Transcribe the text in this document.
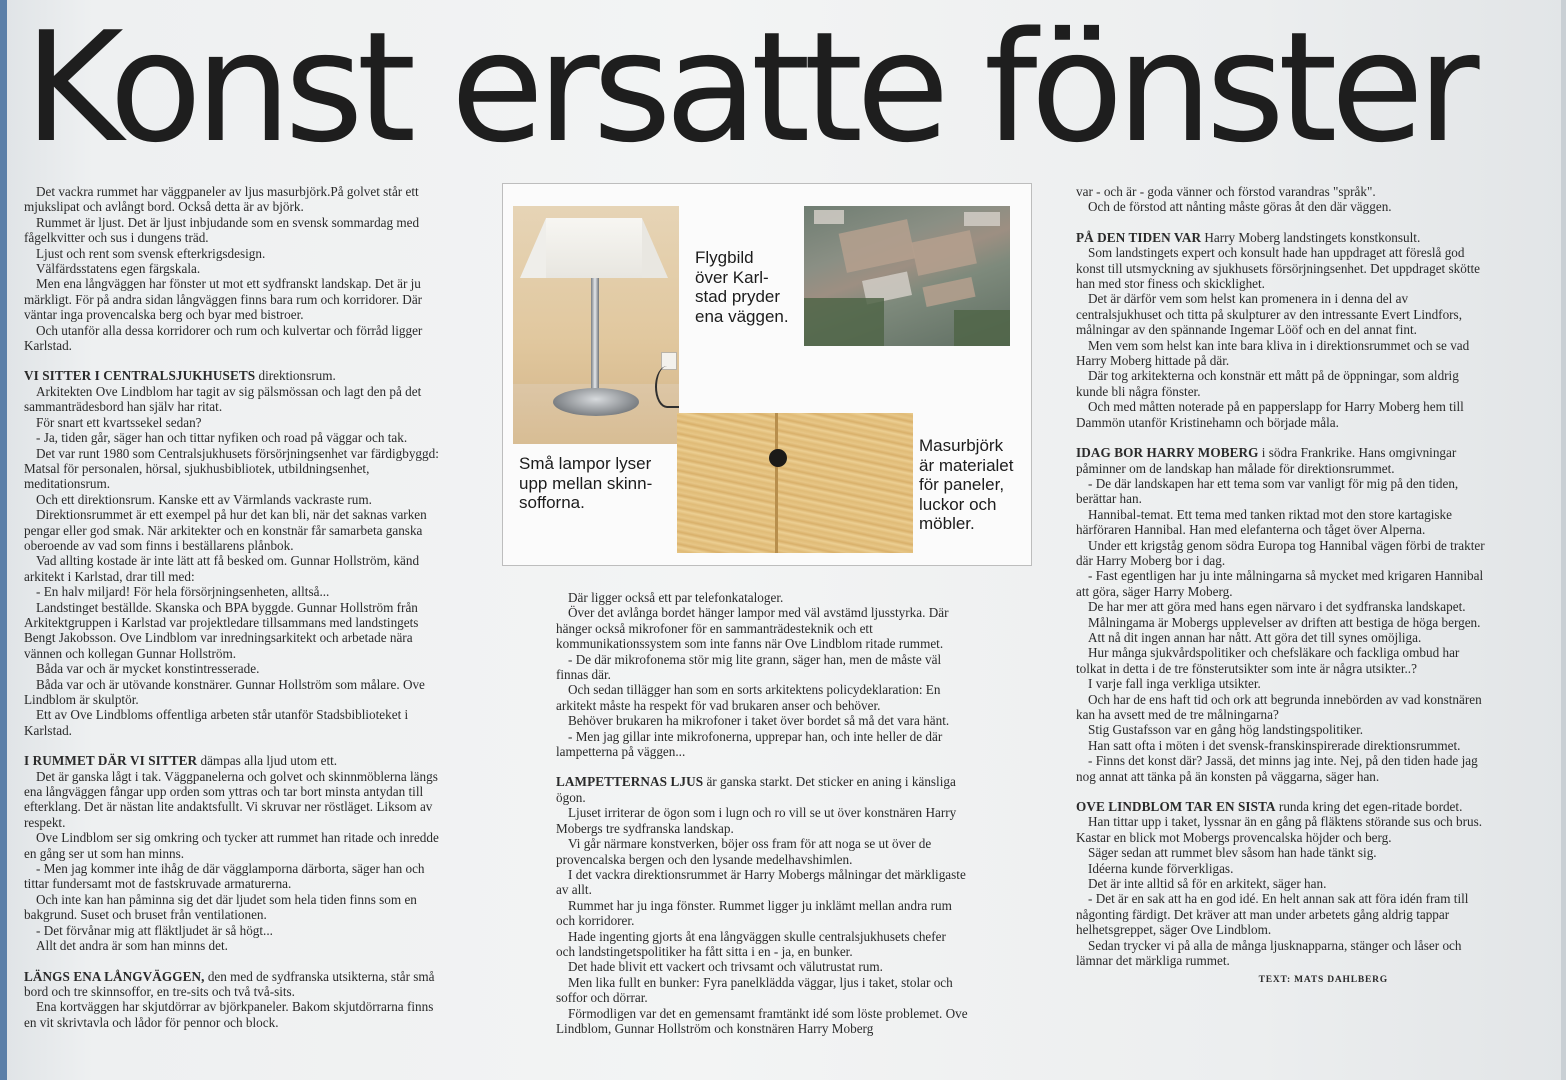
Konst ersatte fönster

Det vackra rummet har väggpaneler av ljus masurbjörk.På golvet står ett mjukslipat och avlångt bord. Också detta är av björk.

Rummet är ljust. Det är ljust inbjudande som en svensk sommardag med fågelkvitter och sus i dungens träd.

Ljust och rent som svensk efterkrigsdesign.

Välfärdsstatens egen färgskala.

Men ena långväggen har fönster ut mot ett sydfranskt landskap. Det är ju märkligt. För på andra sidan långväggen finns bara rum och korridorer. Där väntar inga provencalska berg och byar med bistroer.

Och utanför alla dessa korridorer och rum och kulvertar och förråd ligger Karlstad.

VI SITTER I CENTRALSJUKHUSETS direktionsrum.

Arkitekten Ove Lindblom har tagit av sig pälsmössan och lagt den på det sammanträdesbord han själv har ritat.

För snart ett kvartssekel sedan?

- Ja, tiden går, säger han och tittar nyfiken och road på väggar och tak.

Det var runt 1980 som Centralsjukhusets försörjningsenhet var färdigbyggd: Matsal för personalen, hörsal, sjukhusbibliotek, utbildningsenhet, meditationsrum.

Och ett direktionsrum. Kanske ett av Värmlands vackraste rum.

Direktionsrummet är ett exempel på hur det kan bli, när det saknas varken pengar eller god smak. När arkitekter och en konstnär får samarbeta ganska oberoende av vad som finns i beställarens plånbok.

Vad allting kostade är inte lätt att få besked om. Gunnar Hollström, känd arkitekt i Karlstad, drar till med:

- En halv miljard! För hela försörjningsenheten, alltså...

Landstinget beställde. Skanska och BPA byggde. Gunnar Hollström från Arkitektgruppen i Karlstad var projektledare tillsammans med landstingets Bengt Jakobsson. Ove Lindblom var inredningsarkitekt och arbetade nära vännen och kollegan Gunnar Hollström.

Båda var och är mycket konstintresserade.

Båda var och är utövande konstnärer. Gunnar Hollström som målare. Ove Lindblom är skulptör.

Ett av Ove Lindbloms offentliga arbeten står utanför Stadsbiblioteket i Karlstad.

I RUMMET DÄR VI SITTER dämpas alla ljud utom ett.

Det är ganska lågt i tak. Väggpanelerna och golvet och skinnmöblerna längs ena långväggen fångar upp orden som yttras och tar bort minsta antydan till efterklang. Det är nästan lite andaktsfullt. Vi skruvar ner röstläget. Liksom av respekt.

Ove Lindblom ser sig omkring och tycker att rummet han ritade och inredde en gång ser ut som han minns.

- Men jag kommer inte ihåg de där vägglamporna därborta, säger han och tittar fundersamt mot de fastskruvade armaturerna.

Och inte kan han påminna sig det där ljudet som hela tiden finns som en bakgrund. Suset och bruset från ventilationen.

- Det förvånar mig att fläktljudet är så högt...

Allt det andra är som han minns det.

LÄNGS ENA LÅNGVÄGGEN, den med de sydfranska utsikterna, står små bord och tre skinnsoffor, en tre-sits och två två-sits.

Ena kortväggen har skjutdörrar av björkpaneler. Bakom skjutdörrarna finns en vit skrivtavla och lådor för pennor och block.

Där ligger också ett par telefonkataloger.

Över det avlånga bordet hänger lampor med väl avstämd ljusstyrka. Där hänger också mikrofoner för en sammanträdesteknik och ett kommunikationssystem som inte fanns när Ove Lindblom ritade rummet.

- De där mikrofonema stör mig lite grann, säger han, men de måste väl finnas där.

Och sedan tillägger han som en sorts arkitektens policydeklaration: En arkitekt måste ha respekt för vad brukaren anser och behöver.

Behöver brukaren ha mikrofoner i taket över bordet så må det vara hänt.

- Men jag gillar inte mikrofonerna, upprepar han, och inte heller de där lampetterna på väggen...

LAMPETTERNAS LJUS är ganska starkt. Det sticker en aning i känsliga ögon.

Ljuset irriterar de ögon som i lugn och ro vill se ut över konstnären Harry Mobergs tre sydfranska landskap.

Vi går närmare konstverken, böjer oss fram för att noga se ut över de provencalska bergen och den lysande medelhavshimlen.

I det vackra direktionsrummet är Harry Mobergs målningar det märkligaste av allt.

Rummet har ju inga fönster. Rummet ligger ju inklämt mellan andra rum och korridorer.

Hade ingenting gjorts åt ena långväggen skulle centralsjukhusets chefer och landstingetspolitiker ha fått sitta i en - ja, en bunker.

Det hade blivit ett vackert och trivsamt och välutrustat rum.

Men lika fullt en bunker: Fyra panelklädda väggar, ljus i taket, stolar och soffor och dörrar.

Förmodligen var det en gemensamt framtänkt idé som löste problemet. Ove Lindblom, Gunnar Hollström och konstnären Harry Moberg

var - och är - goda vänner och förstod varandras "språk".

Och de förstod att nånting måste göras åt den där väggen.

PÅ DEN TIDEN VAR Harry Moberg landstingets konstkonsult.

Som landstingets expert och konsult hade han uppdraget att föreslå god konst till utsmyckning av sjukhusets försörjningsenhet. Det uppdraget skötte han med stor finess och skicklighet.

Det är därför vem som helst kan promenera in i denna del av centralsjukhuset och titta på skulpturer av den intressante Evert Lindfors, målningar av den spännande Ingemar Lööf och en del annat fint.

Men vem som helst kan inte bara kliva in i direktionsrummet och se vad Harry Moberg hittade på där.

Där tog arkitekterna och konstnär ett mått på de öppningar, som aldrig kunde bli några fönster.

Och med måtten noterade på en papperslapp for Harry Moberg hem till Dammön utanför Kristinehamn och började måla.

IDAG BOR HARRY MOBERG i södra Frankrike. Hans omgivningar påminner om de landskap han målade för direktionsrummet.

- De där landskapen har ett tema som var vanligt för mig på den tiden, berättar han.

Hannibal-temat. Ett tema med tanken riktad mot den store kartagiske härföraren Hannibal. Han med elefanterna och tåget över Alperna.

Under ett krigståg genom södra Europa tog Hannibal vägen förbi de trakter där Harry Moberg bor i dag.

- Fast egentligen har ju inte målningarna så mycket med krigaren Hannibal att göra, säger Harry Moberg.

De har mer att göra med hans egen närvaro i det sydfranska landskapet.

Målningama är Mobergs upplevelser av driften att bestiga de höga bergen.

Att nå dit ingen annan har nått. Att göra det till synes omöjliga.

Hur många sjukvårdspolitiker och chefsläkare och fackliga ombud har tolkat in detta i de tre fönsterutsikter som inte är några utsikter..?

I varje fall inga verkliga utsikter.

Och har de ens haft tid och ork att begrunda innebörden av vad konstnären kan ha avsett med de tre målningarna?

Stig Gustafsson var en gång hög landstingspolitiker.

Han satt ofta i möten i det svensk-franskinspirerade direktionsrummet.

- Finns det konst där? Jassä, det minns jag inte. Nej, på den tiden hade jag nog annat att tänka på än konsten på väggarna, säger han.

OVE LINDBLOM TAR EN SISTA runda kring det egen-ritade bordet.

Han tittar upp i taket, lyssnar än en gång på fläktens störande sus och brus. Kastar en blick mot Mobergs provencalska höjder och berg.

Säger sedan att rummet blev såsom han hade tänkt sig.

Idéerna kunde förverkligas.

Det är inte alltid så för en arkitekt, säger han.

- Det är en sak att ha en god idé. En helt annan sak att föra idén fram till någonting färdigt. Det kräver att man under arbetets gång aldrig tappar helhetsgreppet, säger Ove Lindblom.

Sedan trycker vi på alla de många ljusknapparna, stänger och låser och lämnar det märkliga rummet.

TEXT: MATS DAHLBERG
Flygbild
över Karl-
stad pryder
ena väggen.
Små lampor lyser
upp mellan skinn-
sofforna.
Masurbjörk
är materialet
för paneler,
luckor och
möbler.
